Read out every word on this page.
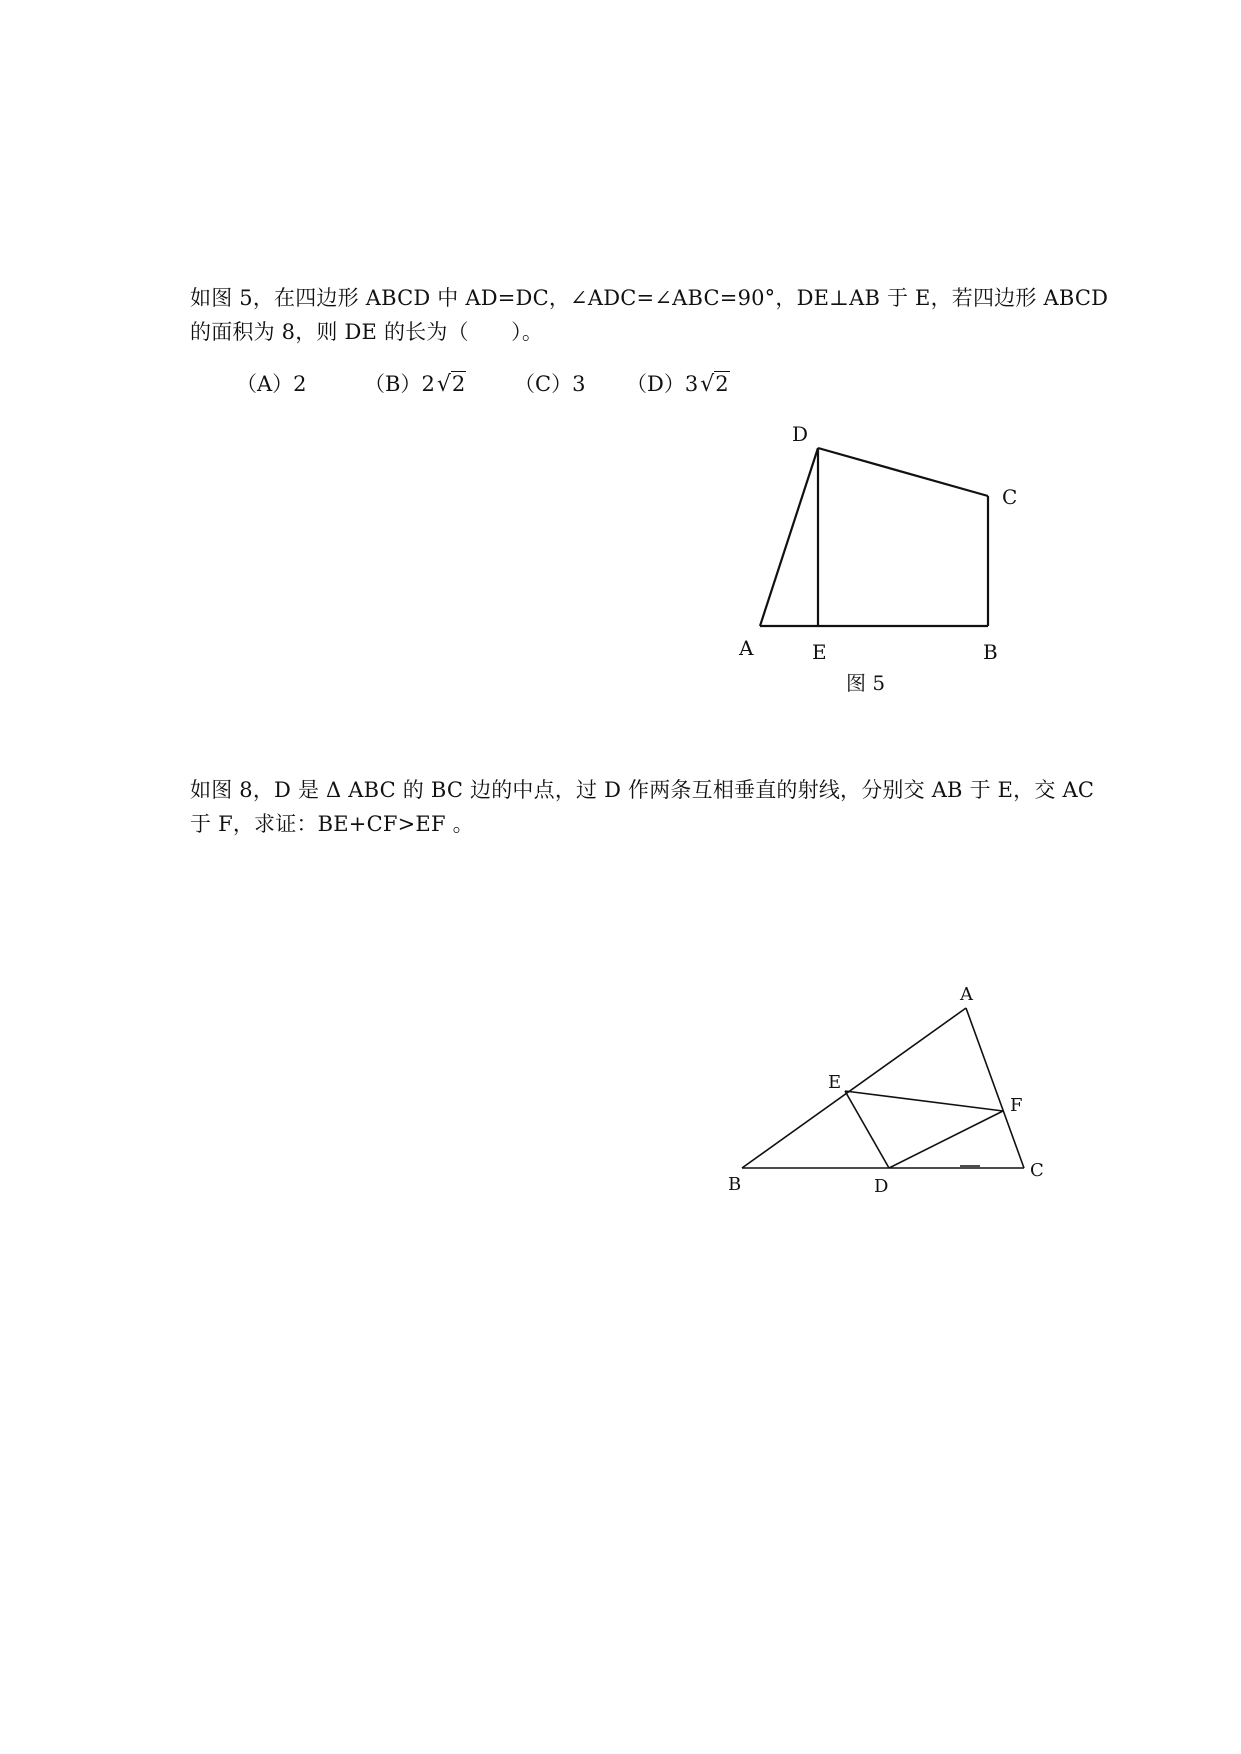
如图 5，在四边形 ABCD 中 AD=DC，∠ADC=∠ABC=90°，DE⊥AB 于 E，若四边形 ABCD
的面积为 8，则 DE 的长为（　　）。
（A）2	（B）2√2 （C）3 （D）3√2
D
C
A	E	B
图 5
A
E
F
C
B	D
如图 8，D 是 Δ ABC 的 BC 边的中点，过 D 作两条互相垂直的射线，分别交 AB 于 E，交 AC
于 F，求证：BE+CF>EF 。
